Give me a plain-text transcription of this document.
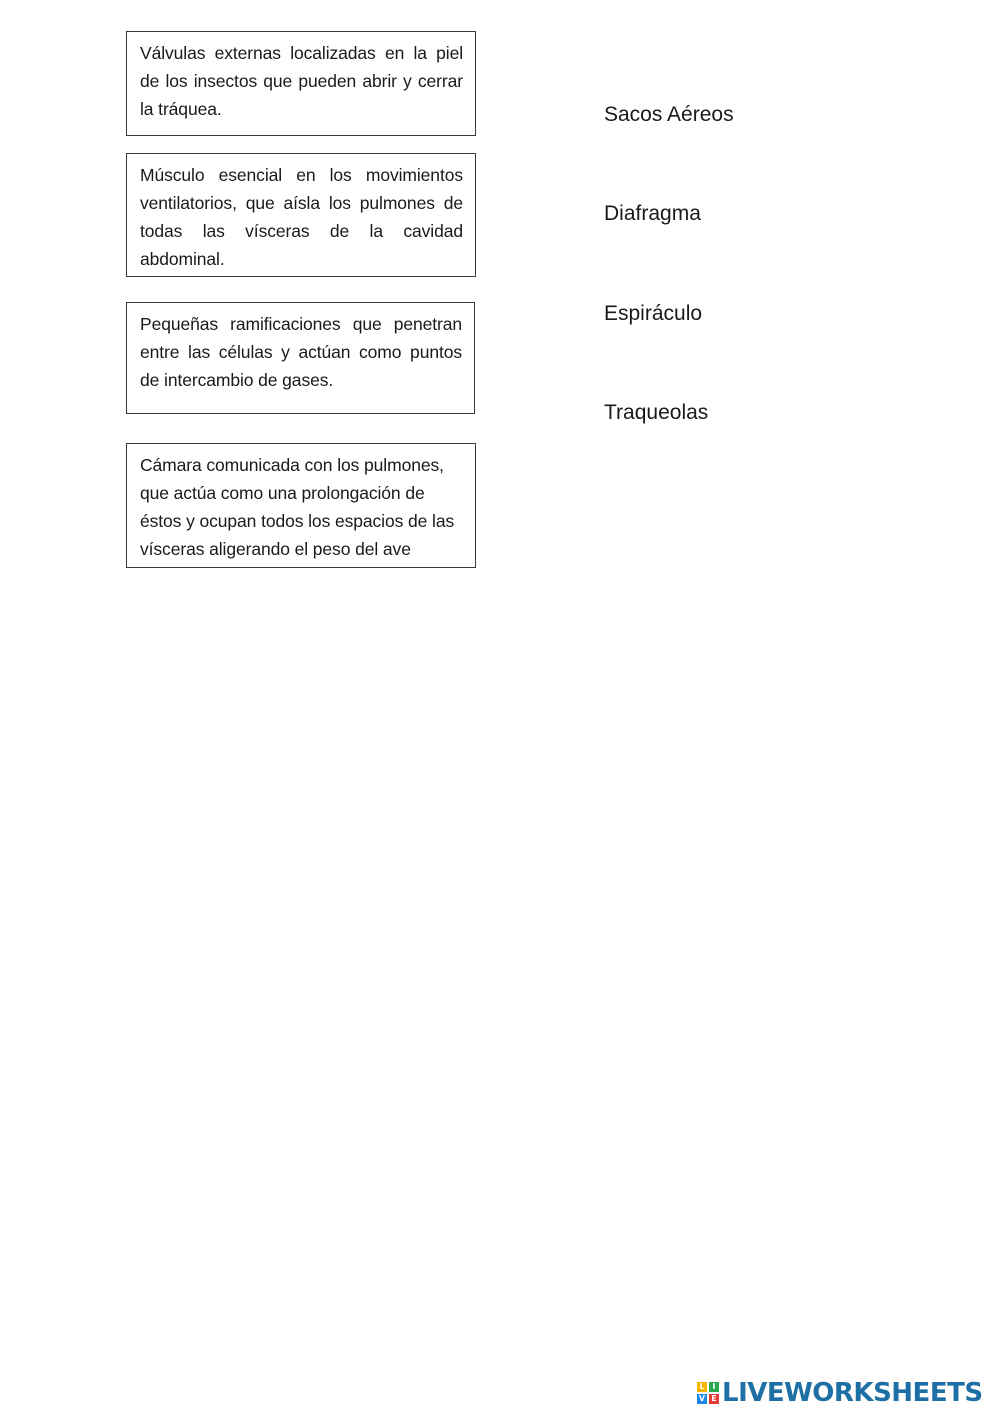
Válvulas externas localizadas en la piel de los insectos que pueden abrir y cerrar la tráquea.
Músculo esencial en los movimientos ventilatorios, que aísla los pulmones de todas las vísceras de la cavidad abdominal.
Pequeñas ramificaciones que penetran entre las células y actúan como puntos de intercambio de gases.
Cámara comunicada con los pulmones, que actúa como una prolongación de éstos y ocupan todos los espacios de las vísceras aligerando el peso del ave
Sacos Aéreos
Diafragma
Espiráculo
Traqueolas
L I
V E LIVEWORKSHEETS
